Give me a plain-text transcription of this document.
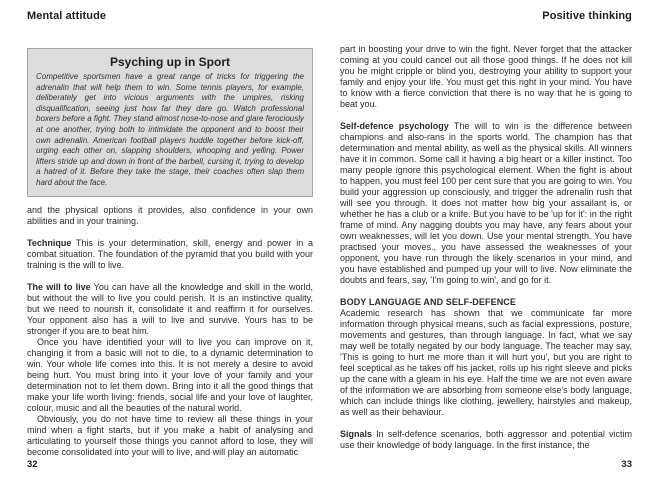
Mental attitude
Psyching up in Sport
Competitive sportsmen have a great range of tricks for triggering the adrenalin that will help them to win. Some tennis players, for example, deliberately get into vicious arguments with the umpires, risking disqualification, seeing just how far they dare go. Watch professional boxers before a fight. They stand almost nose-to-nose and glare ferociously at one another, trying both to intimidate the opponent and to boost their own adrenalin. American football players huddle together before kick-off, urging each other on, slapping shoulders, whooping and yelling. Power lifters stride up and down in front of the barbell, cursing it, trying to develop a hatred of it. Before they take the stage, their coaches often slap them hard about the face.

and the physical options it provides, also confidence in your own abilities and in your training.

Technique This is your determination, skill, energy and power in a combat situation. The foundation of the pyramid that you build with your training is the will to live.

The will to live You can have all the knowledge and skill in the world, but without the will to live you could perish. It is an instinctive quality, but we need to nourish it, consolidate it and reaffirm it for ourselves. Your opponent also has a will to live and survive. Yours has to be stronger if you are to beat him.

Once you have identified your will to live you can improve on it, changing it from a basic will not to die, to a dynamic determination to win. Your whole life comes into this. It is not merely a desire to avoid being hurt. You must bring into it your love of your family and your determination not to let them down. Bring into it all the good things that make your life worth living: friends, social life and your love of laughter, colour, music and all the beauties of the natural world.

Obviously, you do not have time to review all these things in your mind when a fight starts, but if you make a habit of analysing and articulating to yourself those things you cannot afford to lose, they will become consolidated into your will to live, and will play an automatic

32
Positive thinking

part in boosting your drive to win the fight. Never forget that the attacker coming at you could cancel out all those good things. If he does not kill you he might cripple or blind you, destroying your ability to support your family and enjoy your life. You must get this right in your mind. You have to know with a fierce conviction that there is no way that he is going to beat you.

Self-defence psychology The will to win is the difference between champions and also-rans in the sports world. The champion has that determination and mental ability, as well as the physical skills. All winners have it in common. Some call it having a big heart or a killer instinct. Too many people ignore this psychological element. When the fight is about to happen, you must feel 100 per cent sure that you are going to win. You build your aggression up consciously, and trigger the adrenalin rush that will see you through. It does not matter how big your assailant is, or whether he has a club or a knife. But you have to be 'up for it': in the right frame of mind. Any nagging doubts you may have, any fears about your own weaknesses, will let you down. Use your mental strength. You have practised your moves., you have assessed the weaknesses of your opponent, you have run through the likely scenarios in your mind, and you have established and pumped up your will to live. Now eliminate the doubts and fears, say, 'I'm going to win', and go for it.

BODY LANGUAGE AND SELF-DEFENCE

Academic research has shown that we communicate far more information through physical means, such as facial expressions, posture, movements and gestures, than through language. In fact, what we say may well be totally negated by our body language. The teacher may say, 'This is going to hurt me more than it will hurt you', but you are right to feel sceptical as he takes off his jacket, rolls up his right sleeve and picks up the cane with a gleam in his eye. Half the time we are not even aware of the information we are absorbing from someone else's body language, which can include things like clothing, jewellery, hairstyles and makeup, as well as their behaviour.

Signals In self-defence scenarios, both aggressor and potential victim use their knowledge of body language. In the first instance, the

33
